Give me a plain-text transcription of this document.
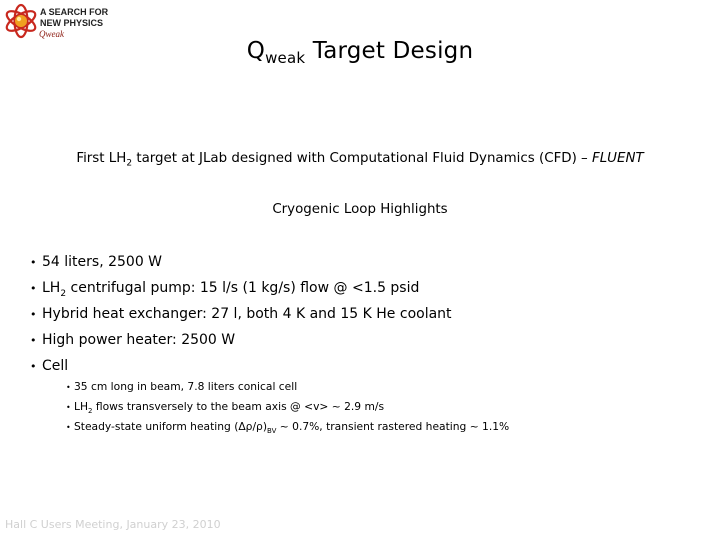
A SEARCH FOR
NEW PHYSICS
Qweak
$Q_{weak}$ Target Design
First $LH_2$ target at JLab designed with Computational Fluid Dynamics (CFD) – FLUENT
Cryogenic Loop Highlights
• 54 liters, 2500 W
• $LH_2$ centrifugal pump: 15 l/s (1 kg/s) flow @ <1.5 psid
• Hybrid heat exchanger: 27 l, both 4 K and 15 K He coolant
• High power heater: 2500 W
• Cell
• 35 cm long in beam, 7.8 liters conical cell
• $LH_2$ flows transversely to the beam axis @ <v> ~ 2.9 m/s
• Steady-state uniform heating $(\Delta\rho/\rho)_{BV}$ ~ 0.7%, transient rastered heating ~ 1.1%
Hall C Users Meeting, January 23, 2010
